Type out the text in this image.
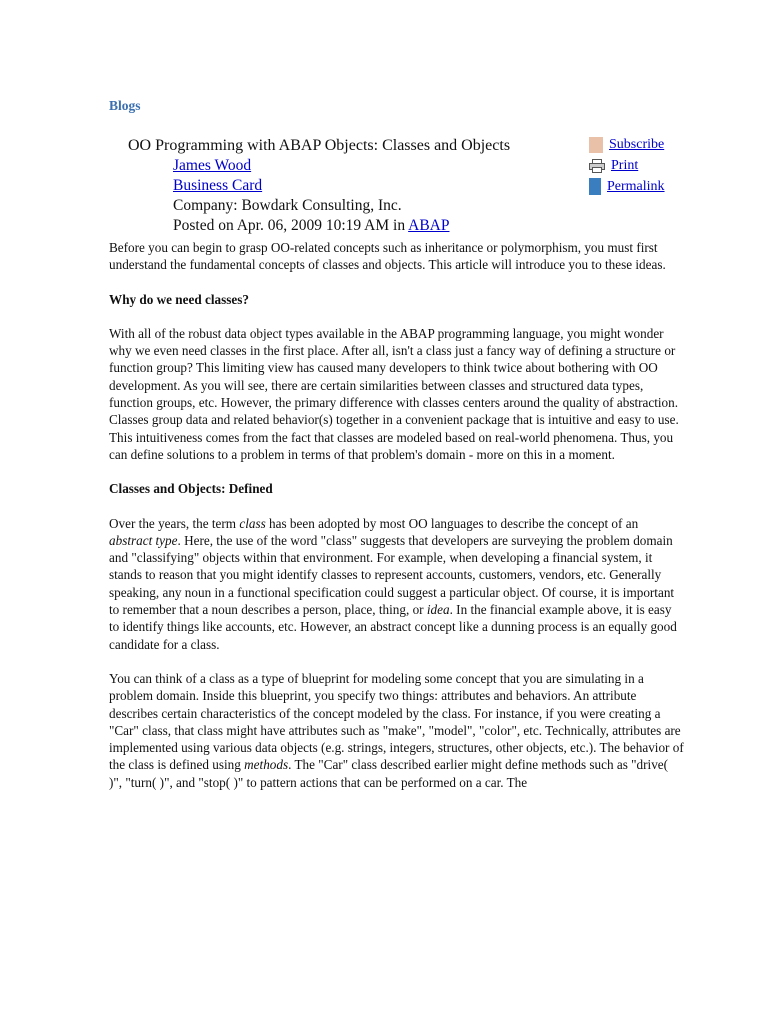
Blogs
OO Programming with ABAP Objects: Classes and Objects
James Wood
Business Card
Company: Bowdark Consulting, Inc.
Posted on Apr. 06, 2009 10:19 AM in ABAP
Subscribe
Print
Permalink

Before you can begin to grasp OO-related concepts such as inheritance or polymorphism, you must first understand the fundamental concepts of classes and objects. This article will introduce you to these ideas.

Why do we need classes?

With all of the robust data object types available in the ABAP programming language, you might wonder why we even need classes in the first place. After all, isn't a class just a fancy way of defining a structure or function group? This limiting view has caused many developers to think twice about bothering with OO development. As you will see, there are certain similarities between classes and structured data types, function groups, etc. However, the primary difference with classes centers around the quality of abstraction. Classes group data and related behavior(s) together in a convenient package that is intuitive and easy to use. This intuitiveness comes from the fact that classes are modeled based on real-world phenomena. Thus, you can define solutions to a problem in terms of that problem's domain - more on this in a moment.

Classes and Objects: Defined

Over the years, the term class has been adopted by most OO languages to describe the concept of an abstract type. Here, the use of the word "class" suggests that developers are surveying the problem domain and "classifying" objects within that environment. For example, when developing a financial system, it stands to reason that you might identify classes to represent accounts, customers, vendors, etc. Generally speaking, any noun in a functional specification could suggest a particular object. Of course, it is important to remember that a noun describes a person, place, thing, or idea. In the financial example above, it is easy to identify things like accounts, etc. However, an abstract concept like a dunning process is an equally good candidate for a class.

You can think of a class as a type of blueprint for modeling some concept that you are simulating in a problem domain. Inside this blueprint, you specify two things: attributes and behaviors. An attribute describes certain characteristics of the concept modeled by the class. For instance, if you were creating a "Car" class, that class might have attributes such as "make", "model", "color", etc. Technically, attributes are implemented using various data objects (e.g. strings, integers, structures, other objects, etc.). The behavior of the class is defined using methods. The "Car" class described earlier might define methods such as "drive( )", "turn( )", and "stop( )" to pattern actions that can be performed on a car. The
